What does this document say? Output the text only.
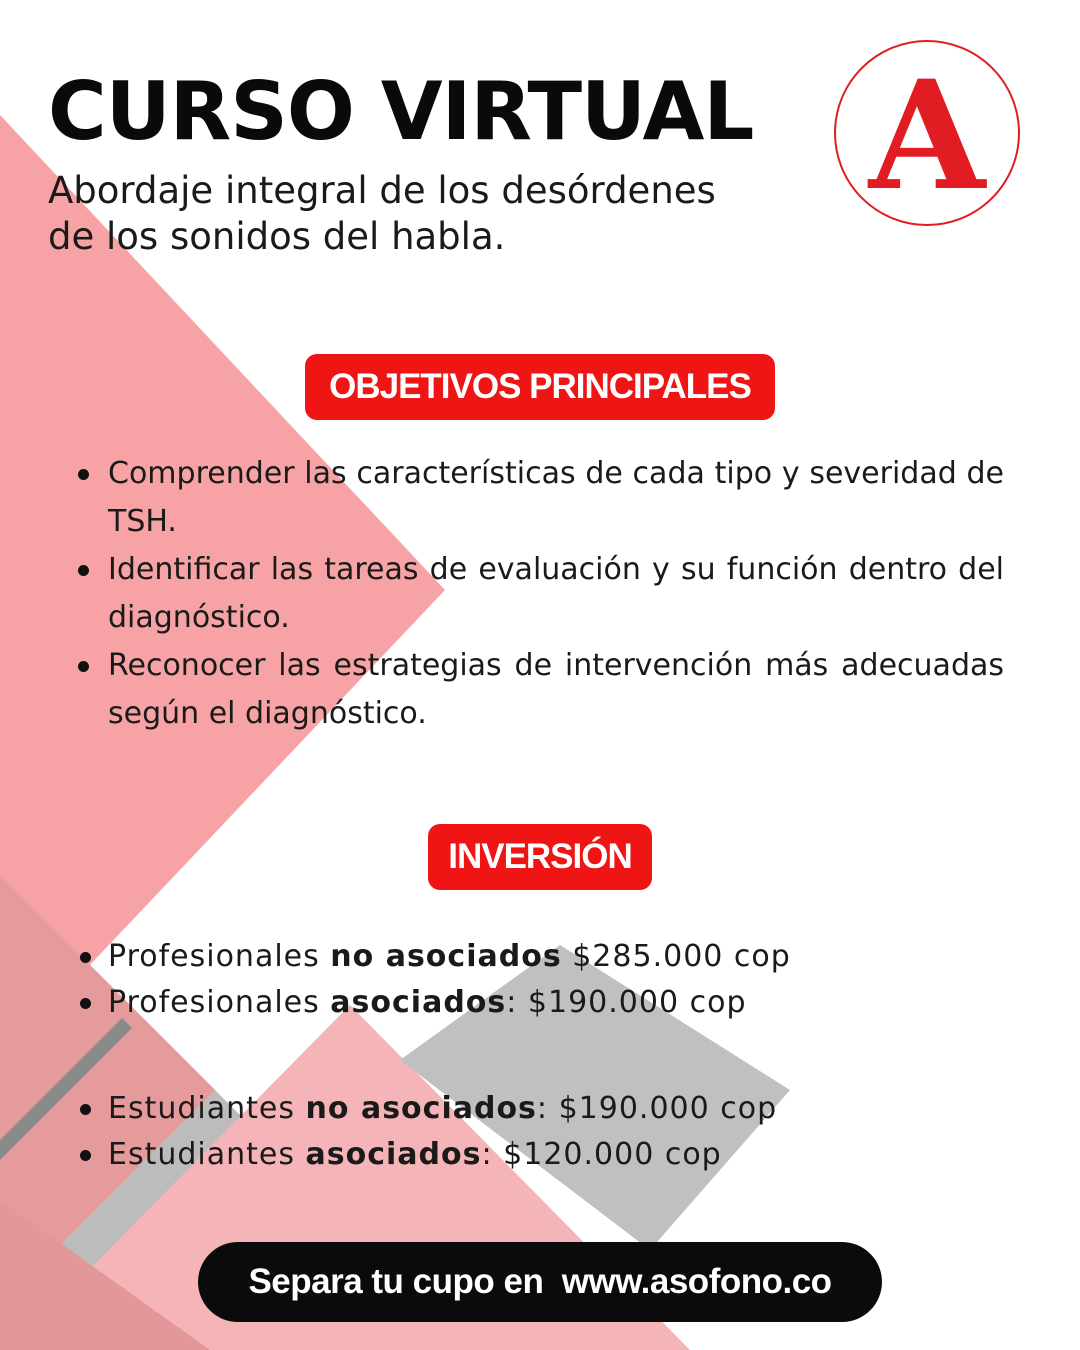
CURSO VIRTUAL

Abordaje integral de los desórdenes
de los sonidos del habla.

A
OBJETIVOS PRINCIPALES
Comprender las características de cada tipo y severidad de TSH.
Identificar las tareas de evaluación y su función dentro del diagnóstico.
Reconocer las estrategias de intervención más adecuadas según el diagnóstico.
INVERSIÓN
Profesionales no asociados $285.000 cop
Profesionales asociados: $190.000 cop
Estudiantes no asociados: $190.000 cop
Estudiantes asociados: $120.000 cop
Separa tu cupo en  www.asofono.co
